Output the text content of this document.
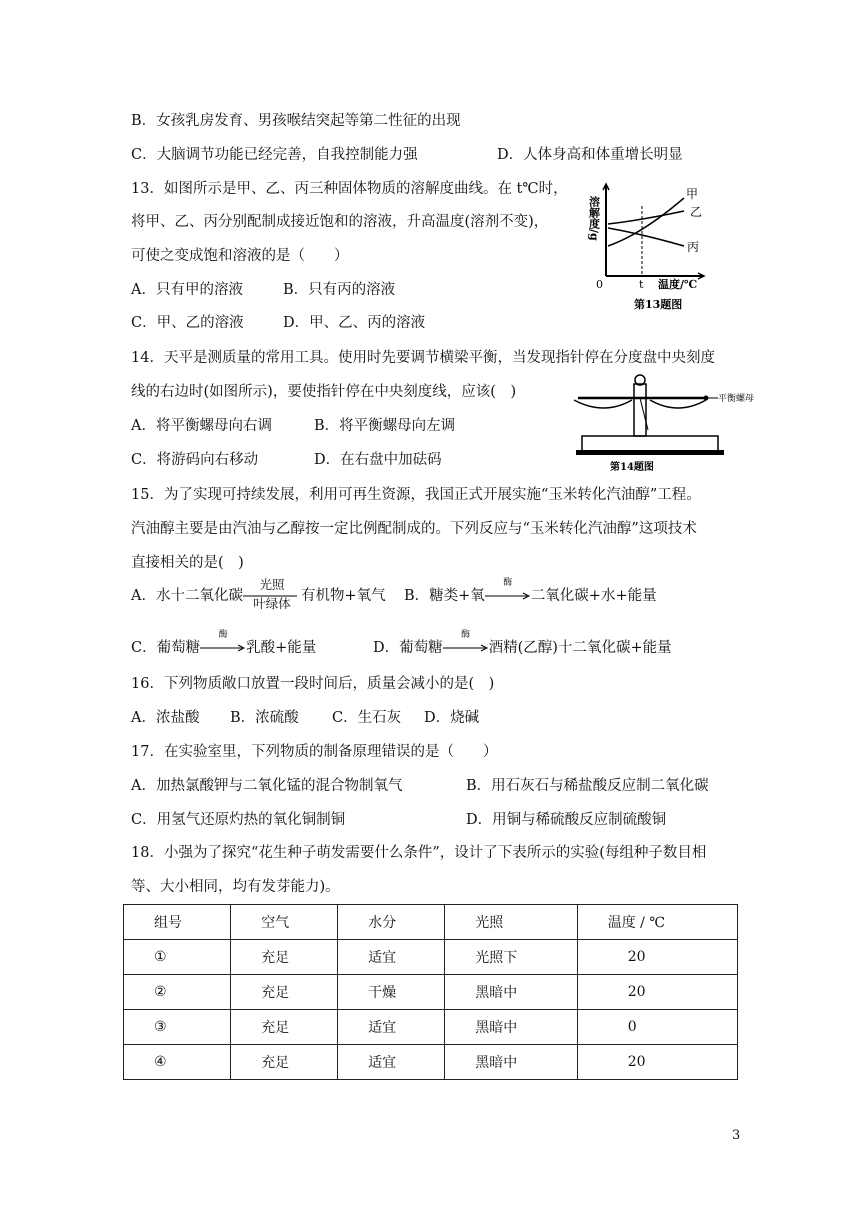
B．女孩乳房发育、男孩喉结突起等第二性征的出现
C．大脑调节功能已经完善，自我控制能力强	D．人体身高和体重增长明显
13．如图所示是甲、乙、丙三种固体物质的溶解度曲线。在 t℃时，
将甲、乙、丙分别配制成接近饱和的溶液，升高温度(溶剂不变)，
可使之变成饱和溶液的是（　　）
A．只有甲的溶液	B．只有丙的溶液
C．甲、乙的溶液	D．甲、乙、丙的溶液
溶解度/g
甲
乙
丙
0	t 温度/℃
第13题图
14．天平是测质量的常用工具。使用时先要调节横梁平衡，当发现指针停在分度盘中央刻度
线的右边时(如图所示)，要使指针停在中央刻度线，应该(　)
A．将平衡螺母向右调	B．将平衡螺母向左调
C．将游码向右移动	D．在右盘中加砝码
平衡螺母
第14题图
15．为了实现可持续发展，利用可再生资源，我国正式开展实施“玉米转化汽油醇”工程。
汽油醇主要是由汽油与乙醇按一定比例配制成的。下列反应与“玉米转化汽油醇”这项技术
直接相关的是(　)
A．水十二氧化碳
光照
叶绿体 有机物+氧气 B．糖类+氧
酶
二氧化碳+水+能量
C．葡萄糖
酶
乳酸+能量	D．葡萄糖
酶
酒精(乙醇)十二氧化碳+能量
16．下列物质敞口放置一段时间后，质量会减小的是(　)
A．浓盐酸 B．浓硫酸 C．生石灰 D．烧碱
17．在实验室里，下列物质的制备原理错误的是（　　）
A．加热氯酸钾与二氧化锰的混合物制氧气	B．用石灰石与稀盐酸反应制二氧化碳
C．用氢气还原灼热的氧化铜制铜	D．用铜与稀硫酸反应制硫酸铜
18．小强为了探究“花生种子萌发需要什么条件”，设计了下表所示的实验(每组种子数目相
等、大小相同，均有发芽能力)。
组号	空气	水分	光照	温度 / ℃
①	充足	适宜	光照下	20
②	充足	干燥	黑暗中	20
③	充足	适宜	黑暗中	0
④	充足	适宜	黑暗中	20
3
